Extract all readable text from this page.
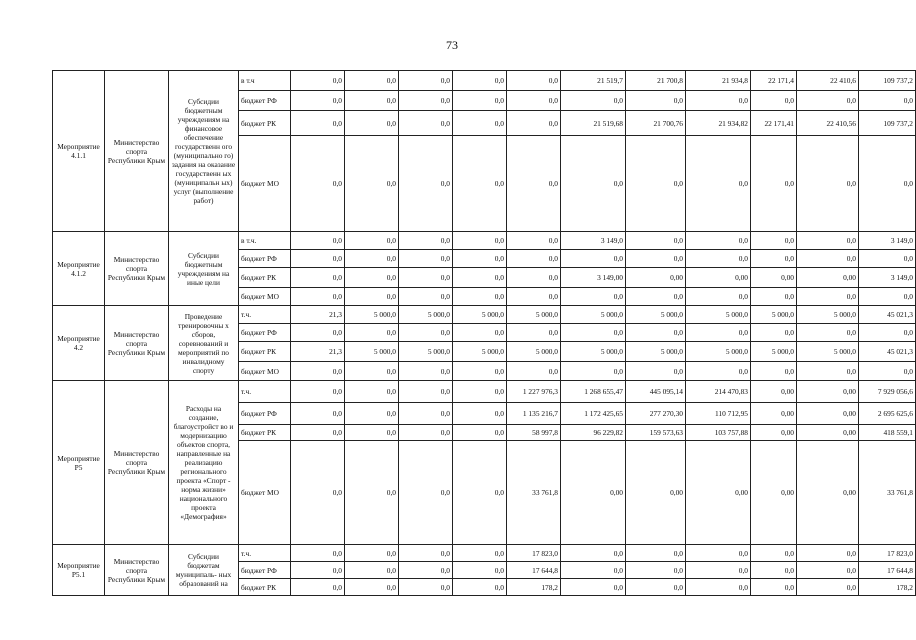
73
Мероприятие 4.1.1	Министерство спорта Республики Крым	Субсидии бюджетным учреждениям на финансовое обеспечение государственн ого (муниципально го) задания на оказание государственн ых (муниципальн ых) услуг (выполнение работ)	в т.ч	0,0	0,0	0,0	0,0	0,0	21 519,7	21 700,8	21 934,8	22 171,4	22 410,6	109 737,2
			бюджет РФ	0,0	0,0	0,0	0,0	0,0	0,0	0,0	0,0	0,0	0,0	0,0
			бюджет РК	0,0	0,0	0,0	0,0	0,0	21 519,68	21 700,76	21 934,82	22 171,41	22 410,56	109 737,2
			бюджет МО	0,0	0,0	0,0	0,0	0,0	0,0	0,0	0,0	0,0	0,0	0,0
Мероприятие 4.1.2	Министерство спорта Республики Крым	Субсидии бюджетным учреждениям на иные цели	в т.ч.	0,0	0,0	0,0	0,0	0,0	3 149,0	0,0	0,0	0,0	0,0	3 149,0
			бюджет РФ	0,0	0,0	0,0	0,0	0,0	0,0	0,0	0,0	0,0	0,0	0,0
			бюджет РК	0,0	0,0	0,0	0,0	0,0	3 149,00	0,00	0,00	0,00	0,00	3 149,0
			бюджет МО	0,0	0,0	0,0	0,0	0,0	0,0	0,0	0,0	0,0	0,0	0,0
Мероприятие 4.2	Министерство спорта Республики Крым	Проведение тренировочны х сборов, соревнований и мероприятий по инвалидному спорту	т.ч.	21,3	5 000,0	5 000,0	5 000,0	5 000,0	5 000,0	5 000,0	5 000,0	5 000,0	5 000,0	45 021,3
			бюджет РФ	0,0	0,0	0,0	0,0	0,0	0,0	0,0	0,0	0,0	0,0	0,0
			бюджет РК	21,3	5 000,0	5 000,0	5 000,0	5 000,0	5 000,0	5 000,0	5 000,0	5 000,0	5 000,0	45 021,3
			бюджет МО	0,0	0,0	0,0	0,0	0,0	0,0	0,0	0,0	0,0	0,0	0,0
Мероприятие Р5	Министерство спорта Республики Крым	Расходы на создание, благоустройст во и модернизацию объектов спорта, направленные на реализацию регионального проекта «Спорт - норма жизни» национального проекта «Демография»	т.ч.	0,0	0,0	0,0	0,0	1 227 976,3	1 268 655,47	445 095,14	214 470,83	0,00	0,00	7 929 056,6
			бюджет РФ	0,0	0,0	0,0	0,0	1 135 216,7	1 172 425,65	277 270,30	110 712,95	0,00	0,00	2 695 625,6
			бюджет РК	0,0	0,0	0,0	0,0	58 997,8	96 229,82	159 573,63	103 757,88	0,00	0,00	418 559,1
			бюджет МО	0,0	0,0	0,0	0,0	33 761,8	0,00	0,00	0,00	0,00	0,00	33 761,8
Мероприятие Р5.1	Министерство спорта Республики Крым	Субсидии бюджетам муниципаль- ных образований на	т.ч.	0,0	0,0	0,0	0,0	17 823,0	0,0	0,0	0,0	0,0	0,0	17 823,0
			бюджет РФ	0,0	0,0	0,0	0,0	17 644,8	0,0	0,0	0,0	0,0	0,0	17 644,8
			бюджет РК	0,0	0,0	0,0	0,0	178,2	0,0	0,0	0,0	0,0	0,0	178,2
